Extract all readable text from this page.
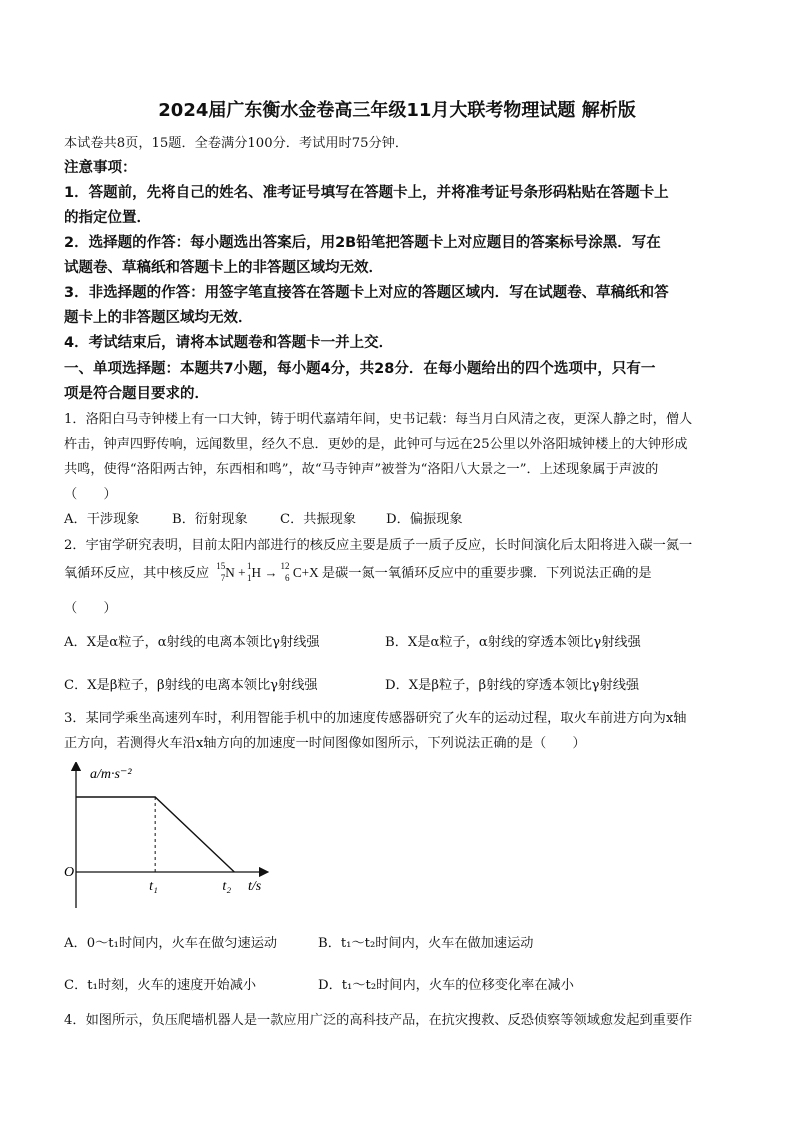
2024届广东衡水金卷高三年级11月大联考物理试题 解析版
本试卷共8页，15题．全卷满分100分．考试用时75分钟．
注意事项：
1．答题前，先将自己的姓名、准考证号填写在答题卡上，并将准考证号条形码粘贴在答题卡上
的指定位置．
2．选择题的作答：每小题选出答案后，用2B铅笔把答题卡上对应题目的答案标号涂黑．写在
试题卷、草稿纸和答题卡上的非答题区域均无效．
3．非选择题的作答：用签字笔直接答在答题卡上对应的答题区域内．写在试题卷、草稿纸和答
题卡上的非答题区域均无效．
4．考试结束后，请将本试题卷和答题卡一并上交．
一、单项选择题：本题共7小题，每小题4分，共28分．在每小题给出的四个选项中，只有一
项是符合题目要求的．
1．洛阳白马寺钟楼上有一口大钟，铸于明代嘉靖年间，史书记载：每当月白风清之夜，更深人静之时，僧人
杵击，钟声四野传响，远闻数里，经久不息．更妙的是，此钟可与远在25公里以外洛阳城钟楼上的大钟形成
共鸣，使得“洛阳两古钟，东西相和鸣”，故“马寺钟声”被誉为“洛阳八大景之一”．上述现象属于声波的
（　　）
A．干涉现象 B．衍射现象 C．共振现象 D．偏振现象
2．宇宙学研究表明，目前太阳内部进行的核反应主要是质子一质子反应，长时间演化后太阳将进入碳一氮一
氧循环反应，其中核反应
15
7 N + 1
1 H → 12
6 C+X 是碳一氮一氧循环反应中的重要步骤．下列说法正确的是
（　　）
A．X是α粒子，α射线的电离本领比γ射线强	B．X是α粒子，α射线的穿透本领比γ射线强
C．X是β粒子，β射线的电离本领比γ射线强	D．X是β粒子，β射线的穿透本领比γ射线强
3．某同学乘坐高速列车时，利用智能手机中的加速度传感器研究了火车的运动过程，取火车前进方向为x轴
正方向，若测得火车沿x轴方向的加速度一时间图像如图所示，下列说法正确的是（　　）
a/m·s⁻²
t/s
O
t₁	t₂
A．0～t₁时间内，火车在做匀速运动	B．t₁～t₂时间内，火车在做加速运动
C．t₁时刻，火车的速度开始减小	D．t₁～t₂时间内，火车的位移变化率在减小
4．如图所示，负压爬墙机器人是一款应用广泛的高科技产品，在抗灾搜救、反恐侦察等领域愈发起到重要作
